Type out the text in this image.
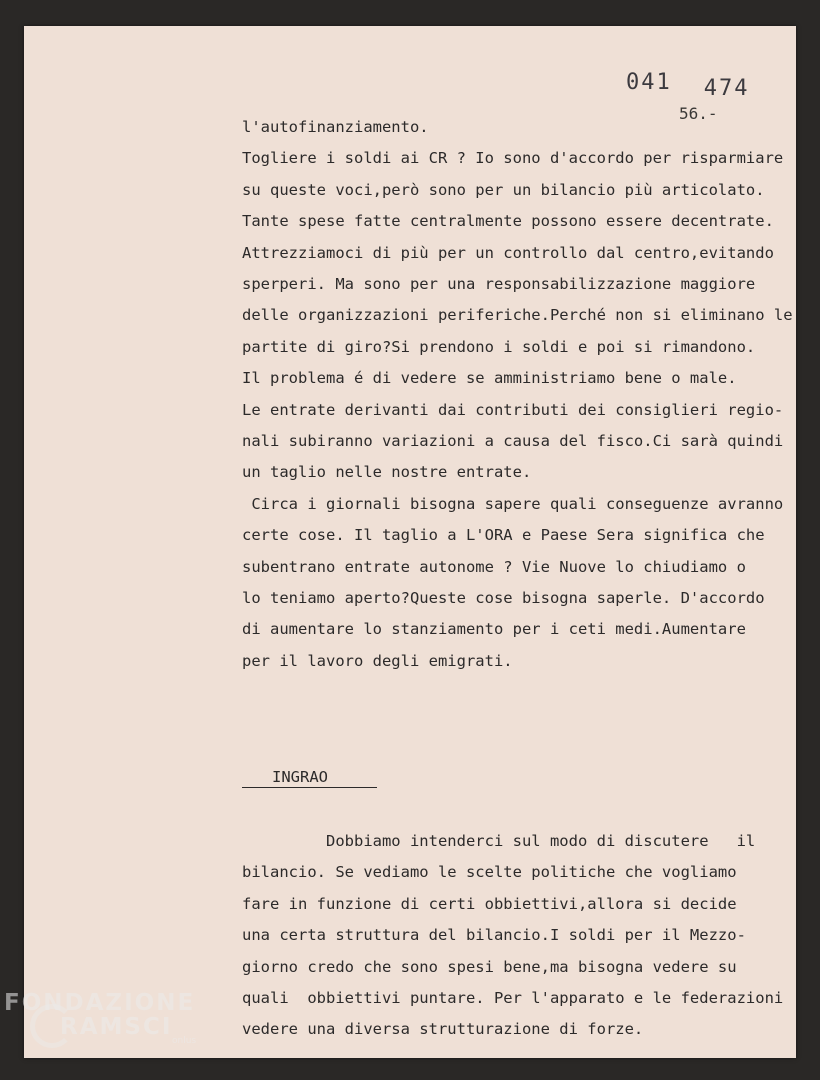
041 474
56.-
l'autofinanziamento.
Togliere i soldi ai CR ? Io sono d'accordo per risparmiare
su queste voci,però sono per un bilancio più articolato.
Tante spese fatte centralmente possono essere decentrate.
Attrezziamoci di più per un controllo dal centro,evitando
sperperi. Ma sono per una responsabilizzazione maggiore
delle organizzazioni periferiche.Perché non si eliminano le
partite di giro?Si prendono i soldi e poi si rimandono.
Il problema é di vedere se amministriamo bene o male.
Le entrate derivanti dai contributi dei consiglieri regio-
nali subiranno variazioni a causa del fisco.Ci sarà quindi
un taglio nelle nostre entrate.
Circa i giornali bisogna sapere quali conseguenze avranno
certe cose. Il taglio a L'ORA e Paese Sera significa che
subentrano entrate autonome ? Vie Nuove lo chiudiamo o
lo teniamo aperto?Queste cose bisogna saperle. D'accordo
di aumentare lo stanziamento per i ceti medi.Aumentare
per il lavoro degli emigrati.
INGRAO
Dobbiamo intenderci sul modo di discutere   il
bilancio. Se vediamo le scelte politiche che vogliamo
fare in funzione di certi obbiettivi,allora si decide
una certa struttura del bilancio.I soldi per il Mezzo-
giorno credo che sono spesi bene,ma bisogna vedere su
quali  obbiettivi puntare. Per l'apparato e le federazioni
vedere una diversa strutturazione di forze.
FONDAZIONE
RAMSCI
onlus
